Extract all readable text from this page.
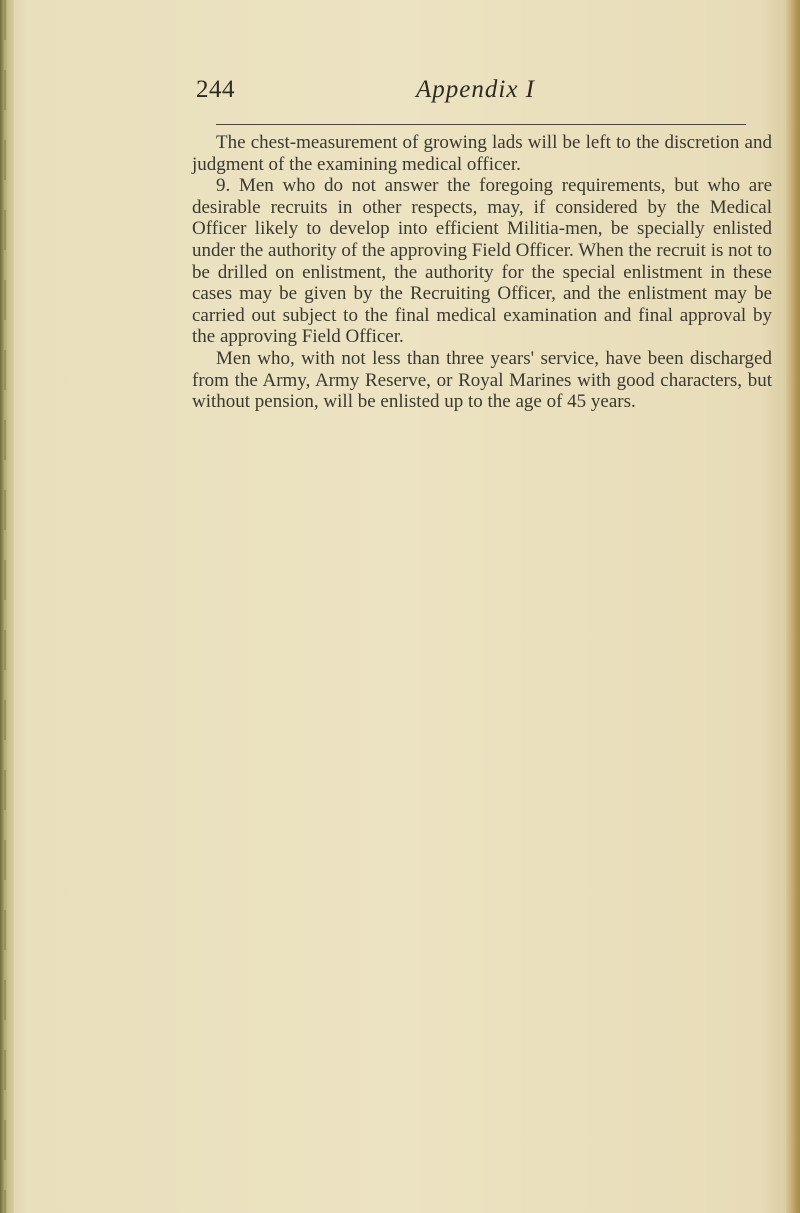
244	Appendix I

The chest-measurement of growing lads will be left to the discretion and judgment of the examining medical officer.

9. Men who do not answer the foregoing requirements, but who are desirable recruits in other respects, may, if considered by the Medical Officer likely to develop into efficient Militia-men, be specially enlisted under the authority of the approving Field Officer. When the recruit is not to be drilled on enlistment, the authority for the special enlistment in these cases may be given by the Recruiting Officer, and the enlistment may be carried out subject to the final medical examination and final approval by the approving Field Officer.

Men who, with not less than three years' service, have been discharged from the Army, Army Reserve, or Royal Marines with good characters, but without pension, will be enlisted up to the age of 45 years.
